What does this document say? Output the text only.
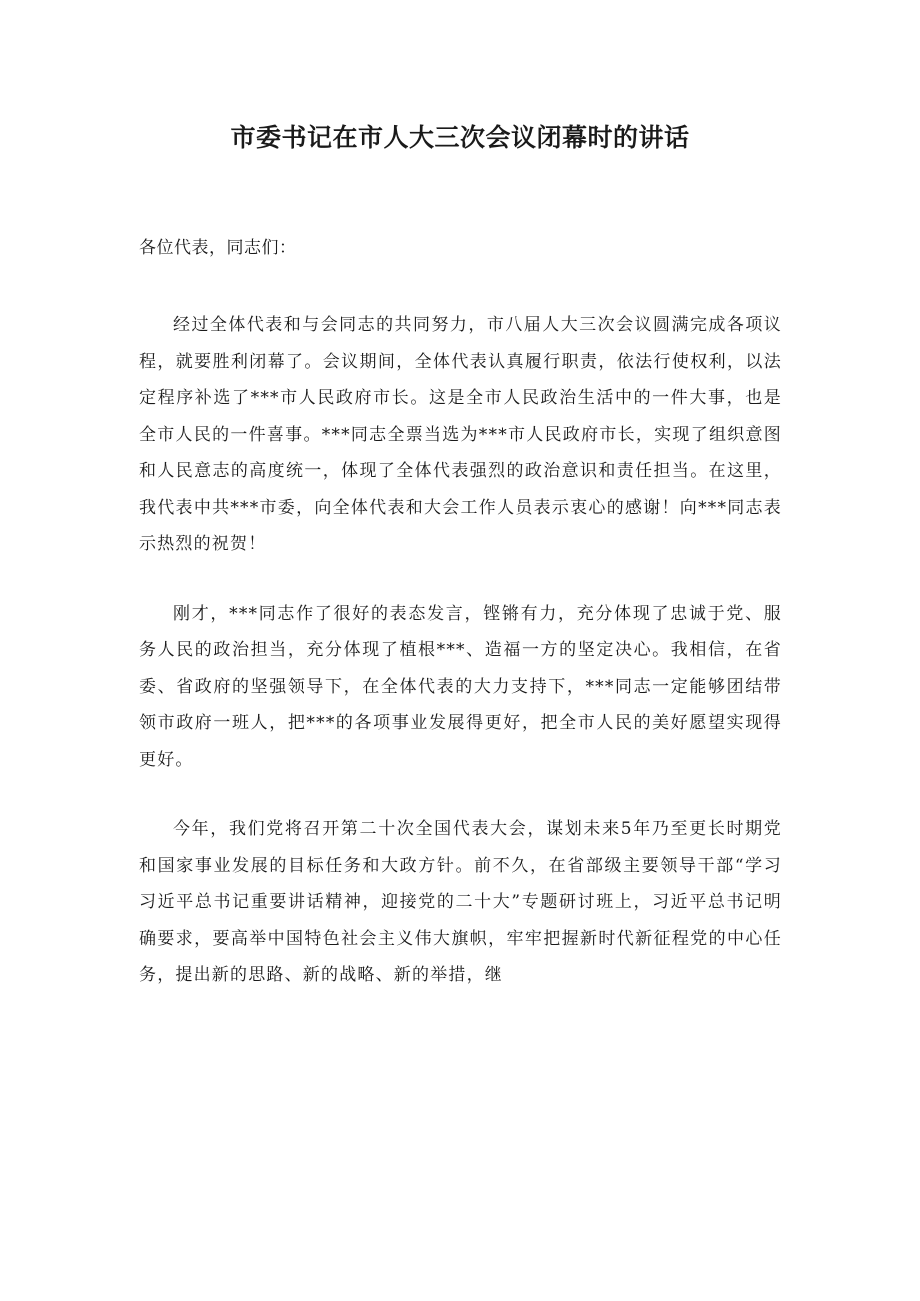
市委书记在市人大三次会议闭幕时的讲话

各位代表，同志们：

经过全体代表和与会同志的共同努力，市八届人大三次会议圆满完成各项议程，就要胜利闭幕了。会议期间，全体代表认真履行职责，依法行使权利，以法定程序补选了***市人民政府市长。这是全市人民政治生活中的一件大事，也是全市人民的一件喜事。***同志全票当选为***市人民政府市长，实现了组织意图和人民意志的高度统一，体现了全体代表强烈的政治意识和责任担当。在这里，我代表中共***市委，向全体代表和大会工作人员表示衷心的感谢！向***同志表示热烈的祝贺！

刚才，***同志作了很好的表态发言，铿锵有力，充分体现了忠诚于党、服务人民的政治担当，充分体现了植根***、造福一方的坚定决心。我相信，在省委、省政府的坚强领导下，在全体代表的大力支持下，***同志一定能够团结带领市政府一班人，把***的各项事业发展得更好，把全市人民的美好愿望实现得更好。

今年，我们党将召开第二十次全国代表大会，谋划未来5年乃至更长时期党和国家事业发展的目标任务和大政方针。前不久，在省部级主要领导干部“学习习近平总书记重要讲话精神，迎接党的二十大”专题研讨班上，习近平总书记明确要求，要高举中国特色社会主义伟大旗帜，牢牢把握新时代新征程党的中心任务，提出新的思路、新的战略、新的举措，继
